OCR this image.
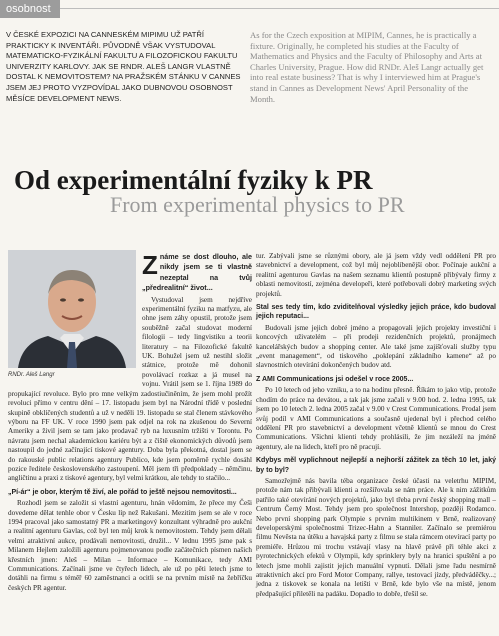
osobnost
V ČESKÉ EXPOZICI NA CANNESKÉM MIPIMU UŽ PATŘÍ PRAKTICKY K INVENTÁŘI. PŮVODNĚ VŠAK VYSTUDOVAL MATEMATICKO-FYZIKÁLNÍ FAKULTU A FILOZOFICKOU FAKULTU UNIVERZITY KARLOVY. JAK SE RNDR. ALEŠ LANGR VLASTNĚ DOSTAL K NEMOVITOSTEM? NA PRAŽSKÉM STÁNKU V CANNES JSEM JEJ PROTO VYZPOVÍDAL JAKO DUBNOVOU OSOBNOST MĚSÍCE DEVELOPMENT NEWS.
As for the Czech exposition at MIPIM, Cannes, he is practically a fixture. Originally, he completed his studies at the Faculty of Mathematics and Physics and the Faculty of Philosophy and Arts at Charles University, Prague. How did RNDr. Aleš Langr actually get into real estate business? That is why I interviewed him at Prague's stand in Cannes as Development News' April Personality of the Month.
Od experimentální fyziky k PR
From experimental physics to PR

Známe se dost dlouho, ale nikdy jsem se ti vlastně nezeptal na tvůj „předrealitní“ život...

Vystudoval jsem nejdříve experimentální fyziku na matfyzu, ale ohne jsem záhy opustil, protože jsem souběžně začal studovat moderní filologii – tedy lingvistiku a teorii literatury – na Filozofické fakultě UK. Bohužel jsem už nestihl složit státnice, protože mě dohonil povolávací rozkaz a já musel na vojnu. Vrátil jsem se 1. října 1989 do propukající revoluce. Bylo pro mne velkým zadostiučiněním, že jsem mohl prožít revoluci přímo v centru dění – 17. listopadu jsem byl na Národní třídě v poslední skupině obklíčených studentů a už v neděli 19. listopadu se stal členem stávkového výboru na FF UK. V roce 1990 jsem pak odjel na rok na zkušenou do Severní Ameriky a živil jsem se tam jako prodavač ryb na luxusním tržišti v Torontu. Po návratu jsem nechal akademickou kariéru být a z čiště ekonomických důvodů jsem nastoupil do jedné začínající tiskové agentury. Doba byla překotná, dostal jsem se do rakouské public relations agentury Publico, kde jsem poměrně rychle dosáhl pozice ředitele československého zastoupení. Měl jsem tři předpoklady – němčinu, angličtinu a praxi z tiskové agentury, byl velmi krátkou, ale tehdy to stačilo...

„Pí-ár“ je obor, kterým tě živí, ale pořád to ještě nejsou nemovitosti...

Rozhodl jsem se založit si vlastní agenturu, hnán vědomím, že přece my Češi dovedeme dělat tenhle obor v Česku líp než Rakušani. Mezitím jsem se ale v roce 1994 pracoval jako samostatný PR a marketingový konzultant výhradně pro aukční a realitní agenturu Gavlas, což byl ten můj krok k nemovitostem. Tehdy jsem dělali velmi atraktivní aukce, prodávali nemovitosti, družil... V lednu 1995 jsme pak s Milanem Hejlem založili agenturu pojmenovanou podle začátečních písmen našich křestních jmen: Aleš – Milan – Informace – Komunikace, tedy AMI Communications. Začínali jsme ve čtyřech lidech, ale už po pěti letech jsme to dotáhli na firmu s téměř 60 zaměstnanci a ocitli se na prvním místě na žebříčku českých PR agentur.

RNDr. Aleš Langr

tur. Zabývali jsme se různými obory, ale já jsem vždy vedl oddělení PR pro stavebnictví a development, což byl můj nejoblíbenější obor. Počínaje aukční a realitní agenturou Gavlas na našem seznamu klientů postupně přibývaly firmy z oblasti nemovitostí, zejména developeři, které potřebovali dobrý marketing svých projektů.

Stal ses tedy tím, kdo zviditelňoval výsledky jejich práce, kdo budoval jejich reputaci...

Budovali jsme jejich dobré jméno a propagovali jejich projekty investiční i koncových uživatelém – při prodeji rezidenčních projektů, pronájmech kancelářských budov a shopping center. Ale také jsme zajišťovali služby typu „event management“, od tiskového „poklepání základního kamene“ až po slavnostních otevírání dokončených budov atd.

Z AMI Communications jsi odešel v roce 2005...

Po 10 letech od jeho vzniku, a to na hodinu přesně. Říkám to jako vtip, protože chodím do práce na devátou, a tak jak jsme začali v 9.00 hod. 2. ledna 1995, tak jsem po 10 letech 2. ledna 2005 začal v 9.00 v Crest Communications. Prodal jsem svůj podíl v AMI Communications a současně ujedenal byl i přechod celého oddělení PR pro stavebnictví a development včetně klientů se mnou do Crest Communications. Všichni klienti tehdy prohlásili, že jim nezáleží na jméně agentury, ale na lidech, kteří pro ně pracují.

Kdybys měl vyplichnout nejlepší a nejhorší zážitek za těch 10 let, jaký by to byl?

Samozřejmě nás bavila téba organizace české účasti na veletrhu MIPIM, protože nám tak přibývali klienti a rozšiřovala se nám práce. Ale k nim zážitkům patřilo také otevírání nových projektů, jako byl třeba první český shopping mall – Centrum Černý Most. Tehdy jsem pro společnost Intershop, později Rodamco. Nebo první shopping park Olympie s prvním multikinem v Brně, realizovaný developerskými společnostmi Trizec-Hahn a Stanniler. Začínalo se premiérou filmu Nevěsta na útěku a havajská party z filmu se stala rámcem otevírací party po premiéře. Hrůzou mi trochu vstávají vlasy na hlavě právě při téhle akci z pyrotechnických efektů v Olympii, kdy sprinklery byly na hranici spuštění a po letech jsme mohli zajistit jejich manuální vypnutí. Dělali jsme řadu nesmírně atraktivních akcí pro Ford Motor Company, rallye, testovací jízdy, předváděčky...; jedna z tiskovek se konala na letišti v Brně, kde bylo vše na místě, jenom předpašující přiletěli na padáku. Dopadlo to dobře, třešil se.
